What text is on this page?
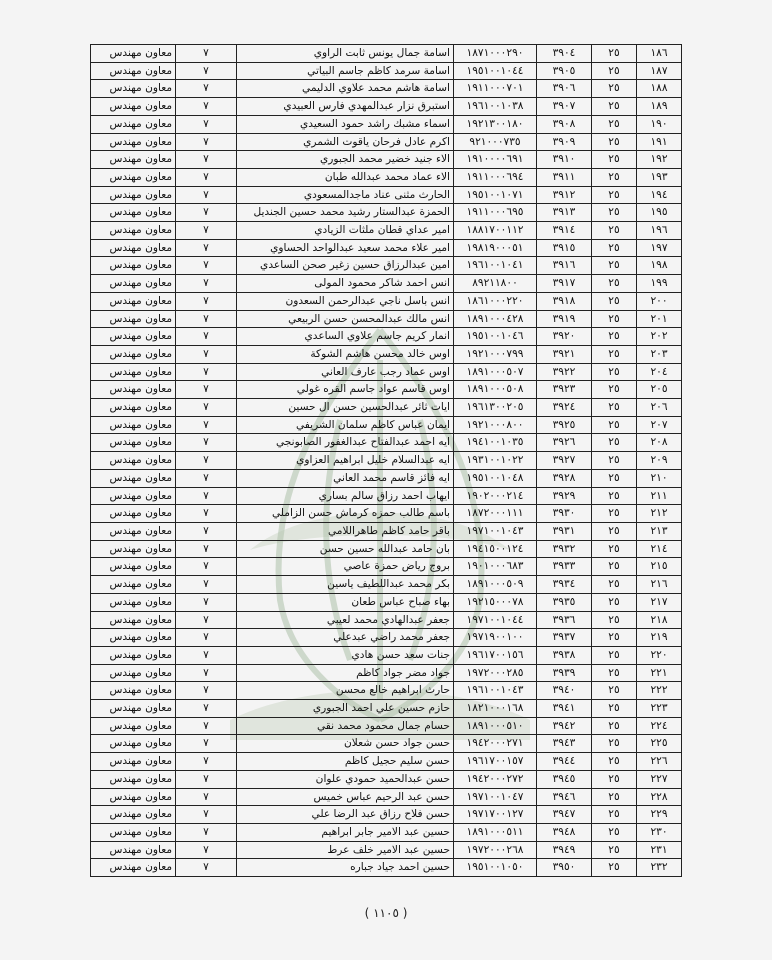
١٨٦	٢٥	٣٩٠٤	١٨٧١٠٠٠٢٩٠	اسامة جمال يونس ثابت الراوي	٧	معاون مهندس
١٨٧	٢٥	٣٩٠٥	١٩٥١٠٠١٠٤٤	اسامة سرمد كاظم جاسم البياتي	٧	معاون مهندس
١٨٨	٢٥	٣٩٠٦	١٩١١٠٠٠٧٠١	اسامة هاشم محمد علاوي الدليمي	٧	معاون مهندس
١٨٩	٢٥	٣٩٠٧	١٩٦١٠٠١٠٣٨	استبرق نزار عبدالمهدي فارس العبيدي	٧	معاون مهندس
١٩٠	٢٥	٣٩٠٨	١٩٢١٣٠٠١٨٠	اسماء مشبك راشد حمود السعيدي	٧	معاون مهندس
١٩١	٢٥	٣٩٠٩	٩٢١٠٠٠٧٣٥	اكرم عادل فرحان ياقوت الشمري	٧	معاون مهندس
١٩٢	٢٥	٣٩١٠	١٩١٠٠٠٠٦٩١	الاء جنيد خضير محمد الجبوري	٧	معاون مهندس
١٩٣	٢٥	٣٩١١	١٩١١٠٠٠٦٩٤	الاء عماد محمد عبدالله طبان	٧	معاون مهندس
١٩٤	٢٥	٣٩١٢	١٩٥١٠٠١٠٧١	الحارث مثنى عناد ماجدالمسعودي	٧	معاون مهندس
١٩٥	٢٥	٣٩١٣	١٩١١٠٠٠٦٩٥	الحمزة عبدالستار رشيد محمد حسين الجنديل	٧	معاون مهندس
١٩٦	٢٥	٣٩١٤	١٨٨١٧٠٠١١٢	امير عداي قطان ملثات الزيادي	٧	معاون مهندس
١٩٧	٢٥	٣٩١٥	١٩٨١٩٠٠٠٥١	امير علاء محمد سعيد عبدالواحد الحساوي	٧	معاون مهندس
١٩٨	٢٥	٣٩١٦	١٩٦١٠٠١٠٤١	امين عبدالرزاق حسين زغير صحن الساعدي	٧	معاون مهندس
١٩٩	٢٥	٣٩١٧	٨٩٢١١٨٠٠	انس احمد شاكر محمود المولى	٧	معاون مهندس
٢٠٠	٢٥	٣٩١٨	١٨٦١٠٠٠٢٢٠	انس باسل ناجي عبدالرحمن السعدون	٧	معاون مهندس
٢٠١	٢٥	٣٩١٩	١٨٩١٠٠٠٤٢٨	انس مالك عبدالمحسن حسن الربيعي	٧	معاون مهندس
٢٠٢	٢٥	٣٩٢٠	١٩٥١٠٠١٠٤٦	انمار كريم جاسم علاوي الساعدي	٧	معاون مهندس
٢٠٣	٢٥	٣٩٢١	١٩٢١٠٠٠٧٩٩	اوس خالد محسن هاشم الشوكة	٧	معاون مهندس
٢٠٤	٢٥	٣٩٢٢	١٨٩١٠٠٠٥٠٧	اوس عماد رجب عارف العاني	٧	معاون مهندس
٢٠٥	٢٥	٣٩٢٣	١٨٩١٠٠٠٥٠٨	اوس قاسم عواد جاسم القره غولي	٧	معاون مهندس
٢٠٦	٢٥	٣٩٢٤	١٩٦١٣٠٠٢٠٥	ايات ثائر عبدالحسين حسن ال حسين	٧	معاون مهندس
٢٠٧	٢٥	٣٩٢٥	١٩٢١٠٠٠٨٠٠	ايمان عباس كاظم سلمان الشريفي	٧	معاون مهندس
٢٠٨	٢٥	٣٩٢٦	١٩٤١٠٠١٠٣٥	ايه احمد عبدالفتاح عبدالغفور الصابونجي	٧	معاون مهندس
٢٠٩	٢٥	٣٩٢٧	١٩٣١٠٠١٠٢٢	ايه عبدالسلام خليل ابراهيم العزاوي	٧	معاون مهندس
٢١٠	٢٥	٣٩٢٨	١٩٥١٠٠١٠٤٨	ايه فائز قاسم محمد العاني	٧	معاون مهندس
٢١١	٢٥	٣٩٢٩	١٩٠٢٠٠٠٢١٤	ايهاب احمد رزاق سالم بساري	٧	معاون مهندس
٢١٢	٢٥	٣٩٣٠	١٨٧٢٠٠٠١١١	باسم طالب حمزه كرماش حسن الزاملي	٧	معاون مهندس
٢١٣	٢٥	٣٩٣١	١٩٧١٠٠١٠٤٣	باقر حامد كاظم طاهراللامي	٧	معاون مهندس
٢١٤	٢٥	٣٩٣٢	١٩٤١٥٠٠١٢٤	بان حامد عبدالله حسين حسن	٧	معاون مهندس
٢١٥	٢٥	٣٩٣٣	١٩٠١٠٠٠٦٨٣	بروج رياض حمزة عاصي	٧	معاون مهندس
٢١٦	٢٥	٣٩٣٤	١٨٩١٠٠٠٥٠٩	بكر محمد عبداللطيف ياسين	٧	معاون مهندس
٢١٧	٢٥	٣٩٣٥	١٩٢١٥٠٠٠٧٨	بهاء صباح عباس طعان	٧	معاون مهندس
٢١٨	٢٥	٣٩٣٦	١٩٧١٠٠١٠٤٤	جعفر عبدالهادي محمد لعيبي	٧	معاون مهندس
٢١٩	٢٥	٣٩٣٧	١٩٧١٩٠٠١٠٠	جعفر محمد راضي عبدعلي	٧	معاون مهندس
٢٢٠	٢٥	٣٩٣٨	١٩٦١٧٠٠١٥٦	جنات سعد حسن هادي	٧	معاون مهندس
٢٢١	٢٥	٣٩٣٩	١٩٧٢٠٠٠٢٨٥	جواد مضر جواد كاظم	٧	معاون مهندس
٢٢٢	٢٥	٣٩٤٠	١٩٦١٠٠١٠٤٣	حارث ابراهيم خالع محسن	٧	معاون مهندس
٢٢٣	٢٥	٣٩٤١	١٨٢١٠٠٠١٦٨	حازم حسين علي احمد الجبوري	٧	معاون مهندس
٢٢٤	٢٥	٣٩٤٢	١٨٩١٠٠٠٥١٠	حسام جمال محمود محمد نقي	٧	معاون مهندس
٢٢٥	٢٥	٣٩٤٣	١٩٤٢٠٠٠٢٧١	حسن جواد حسن شعلان	٧	معاون مهندس
٢٢٦	٢٥	٣٩٤٤	١٩٦١٧٠٠١٥٧	حسن سليم حجيل كاظم	٧	معاون مهندس
٢٢٧	٢٥	٣٩٤٥	١٩٤٢٠٠٠٢٧٢	حسن عبدالحميد حمودي علوان	٧	معاون مهندس
٢٢٨	٢٥	٣٩٤٦	١٩٧١٠٠١٠٤٧	حسن عبد الرحيم عباس خميس	٧	معاون مهندس
٢٢٩	٢٥	٣٩٤٧	١٩٧١٧٠٠١٢٧	حسن فلاح رزاق عبد الرضا علي	٧	معاون مهندس
٢٣٠	٢٥	٣٩٤٨	١٨٩١٠٠٠٥١١	حسين عبد الامير جابر ابراهيم	٧	معاون مهندس
٢٣١	٢٥	٣٩٤٩	١٩٧٢٠٠٠٢٦٨	حسين عبد الامير خلف عرط	٧	معاون مهندس
٢٣٢	٢٥	٣٩٥٠	١٩٥١٠٠١٠٥٠	حسين احمد جياد جباره	٧	معاون مهندس
( ١١٠٥ )
